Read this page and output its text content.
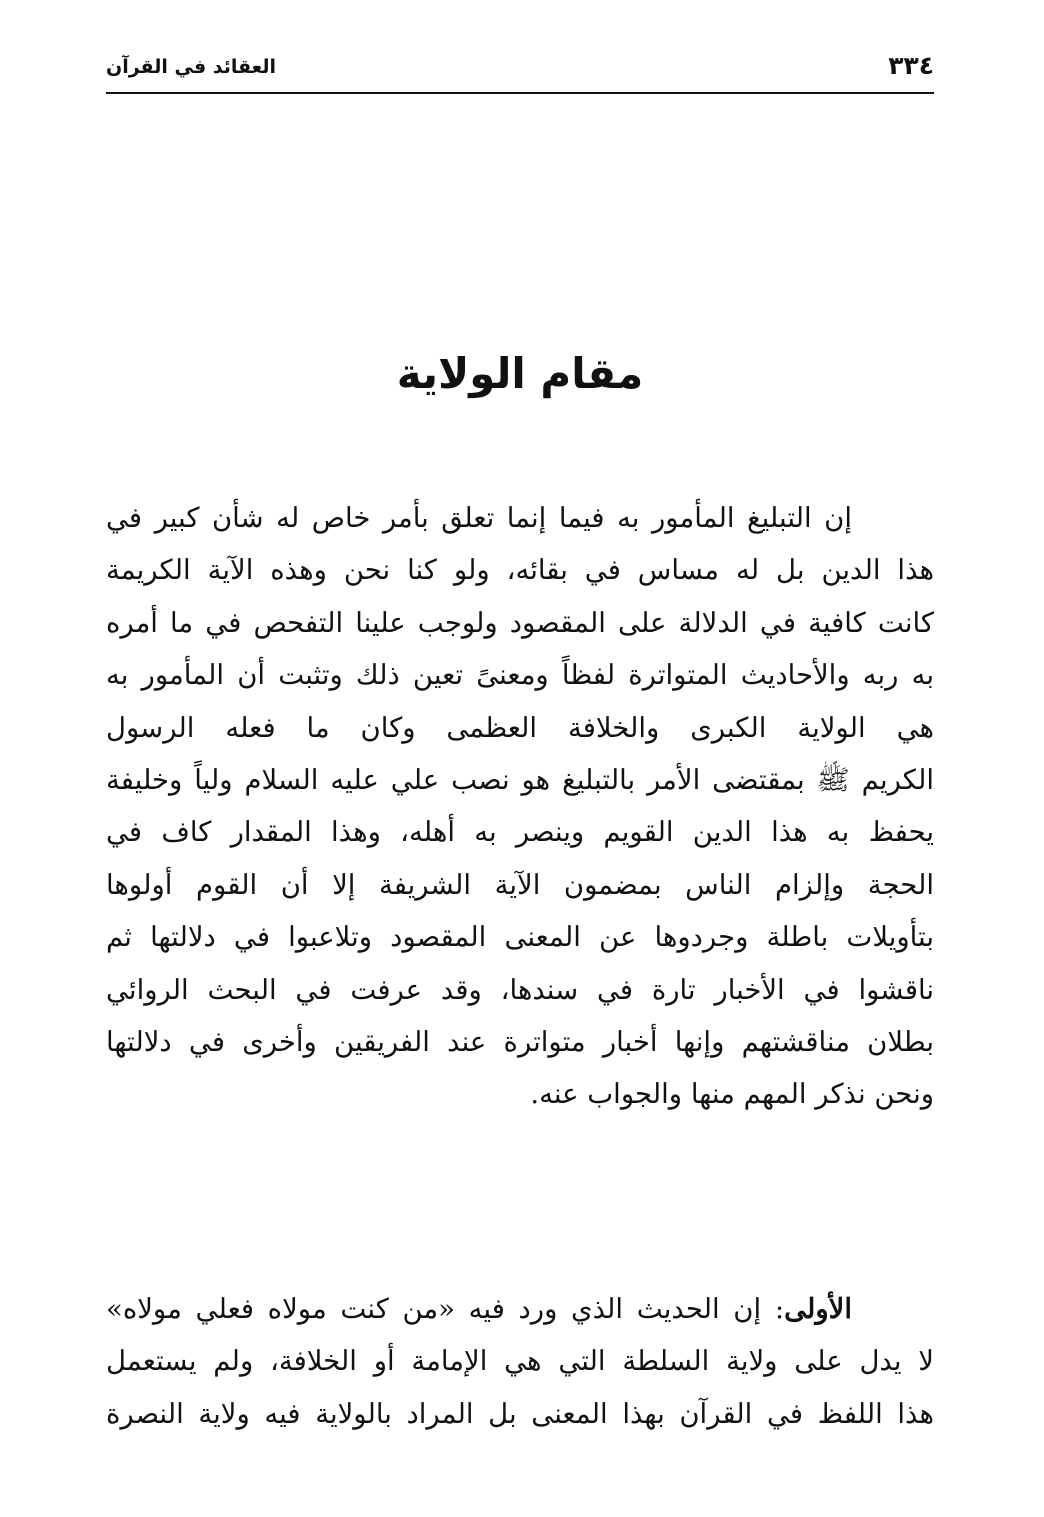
٣٣٤
العقائد في القرآن
مقام الولاية
إن التبليغ المأمور به فيما إنما تعلق بأمر خاص له شأن كبير في
هذا الدين بل له مساس في بقائه، ولو كنا نحن وهذه الآية الكريمة
كانت كافية في الدلالة على المقصود ولوجب علينا التفحص في ما أمره
به ربه والأحاديث المتواترة لفظاً ومعنىً تعين ذلك وتثبت أن المأمور به
هي الولاية الكبرى والخلافة العظمى وكان ما فعله الرسول
الكريم ﷺ بمقتضى الأمر بالتبليغ هو نصب علي عليه السلام ولياً وخليفة
يحفظ به هذا الدين القويم وينصر به أهله، وهذا المقدار كاف في
الحجة وإلزام الناس بمضمون الآية الشريفة إلا أن القوم أولوها
بتأويلات باطلة وجردوها عن المعنى المقصود وتلاعبوا في دلالتها ثم
ناقشوا في الأخبار تارة في سندها، وقد عرفت في البحث الروائي
بطلان مناقشتهم وإنها أخبار متواترة عند الفريقين وأخرى في دلالتها
ونحن نذكر المهم منها والجواب عنه.
الأولى: إن الحديث الذي ورد فيه «من كنت مولاه فعلي مولاه»
لا يدل على ولاية السلطة التي هي الإمامة أو الخلافة، ولم يستعمل
هذا اللفظ في القرآن بهذا المعنى بل المراد بالولاية فيه ولاية النصرة
